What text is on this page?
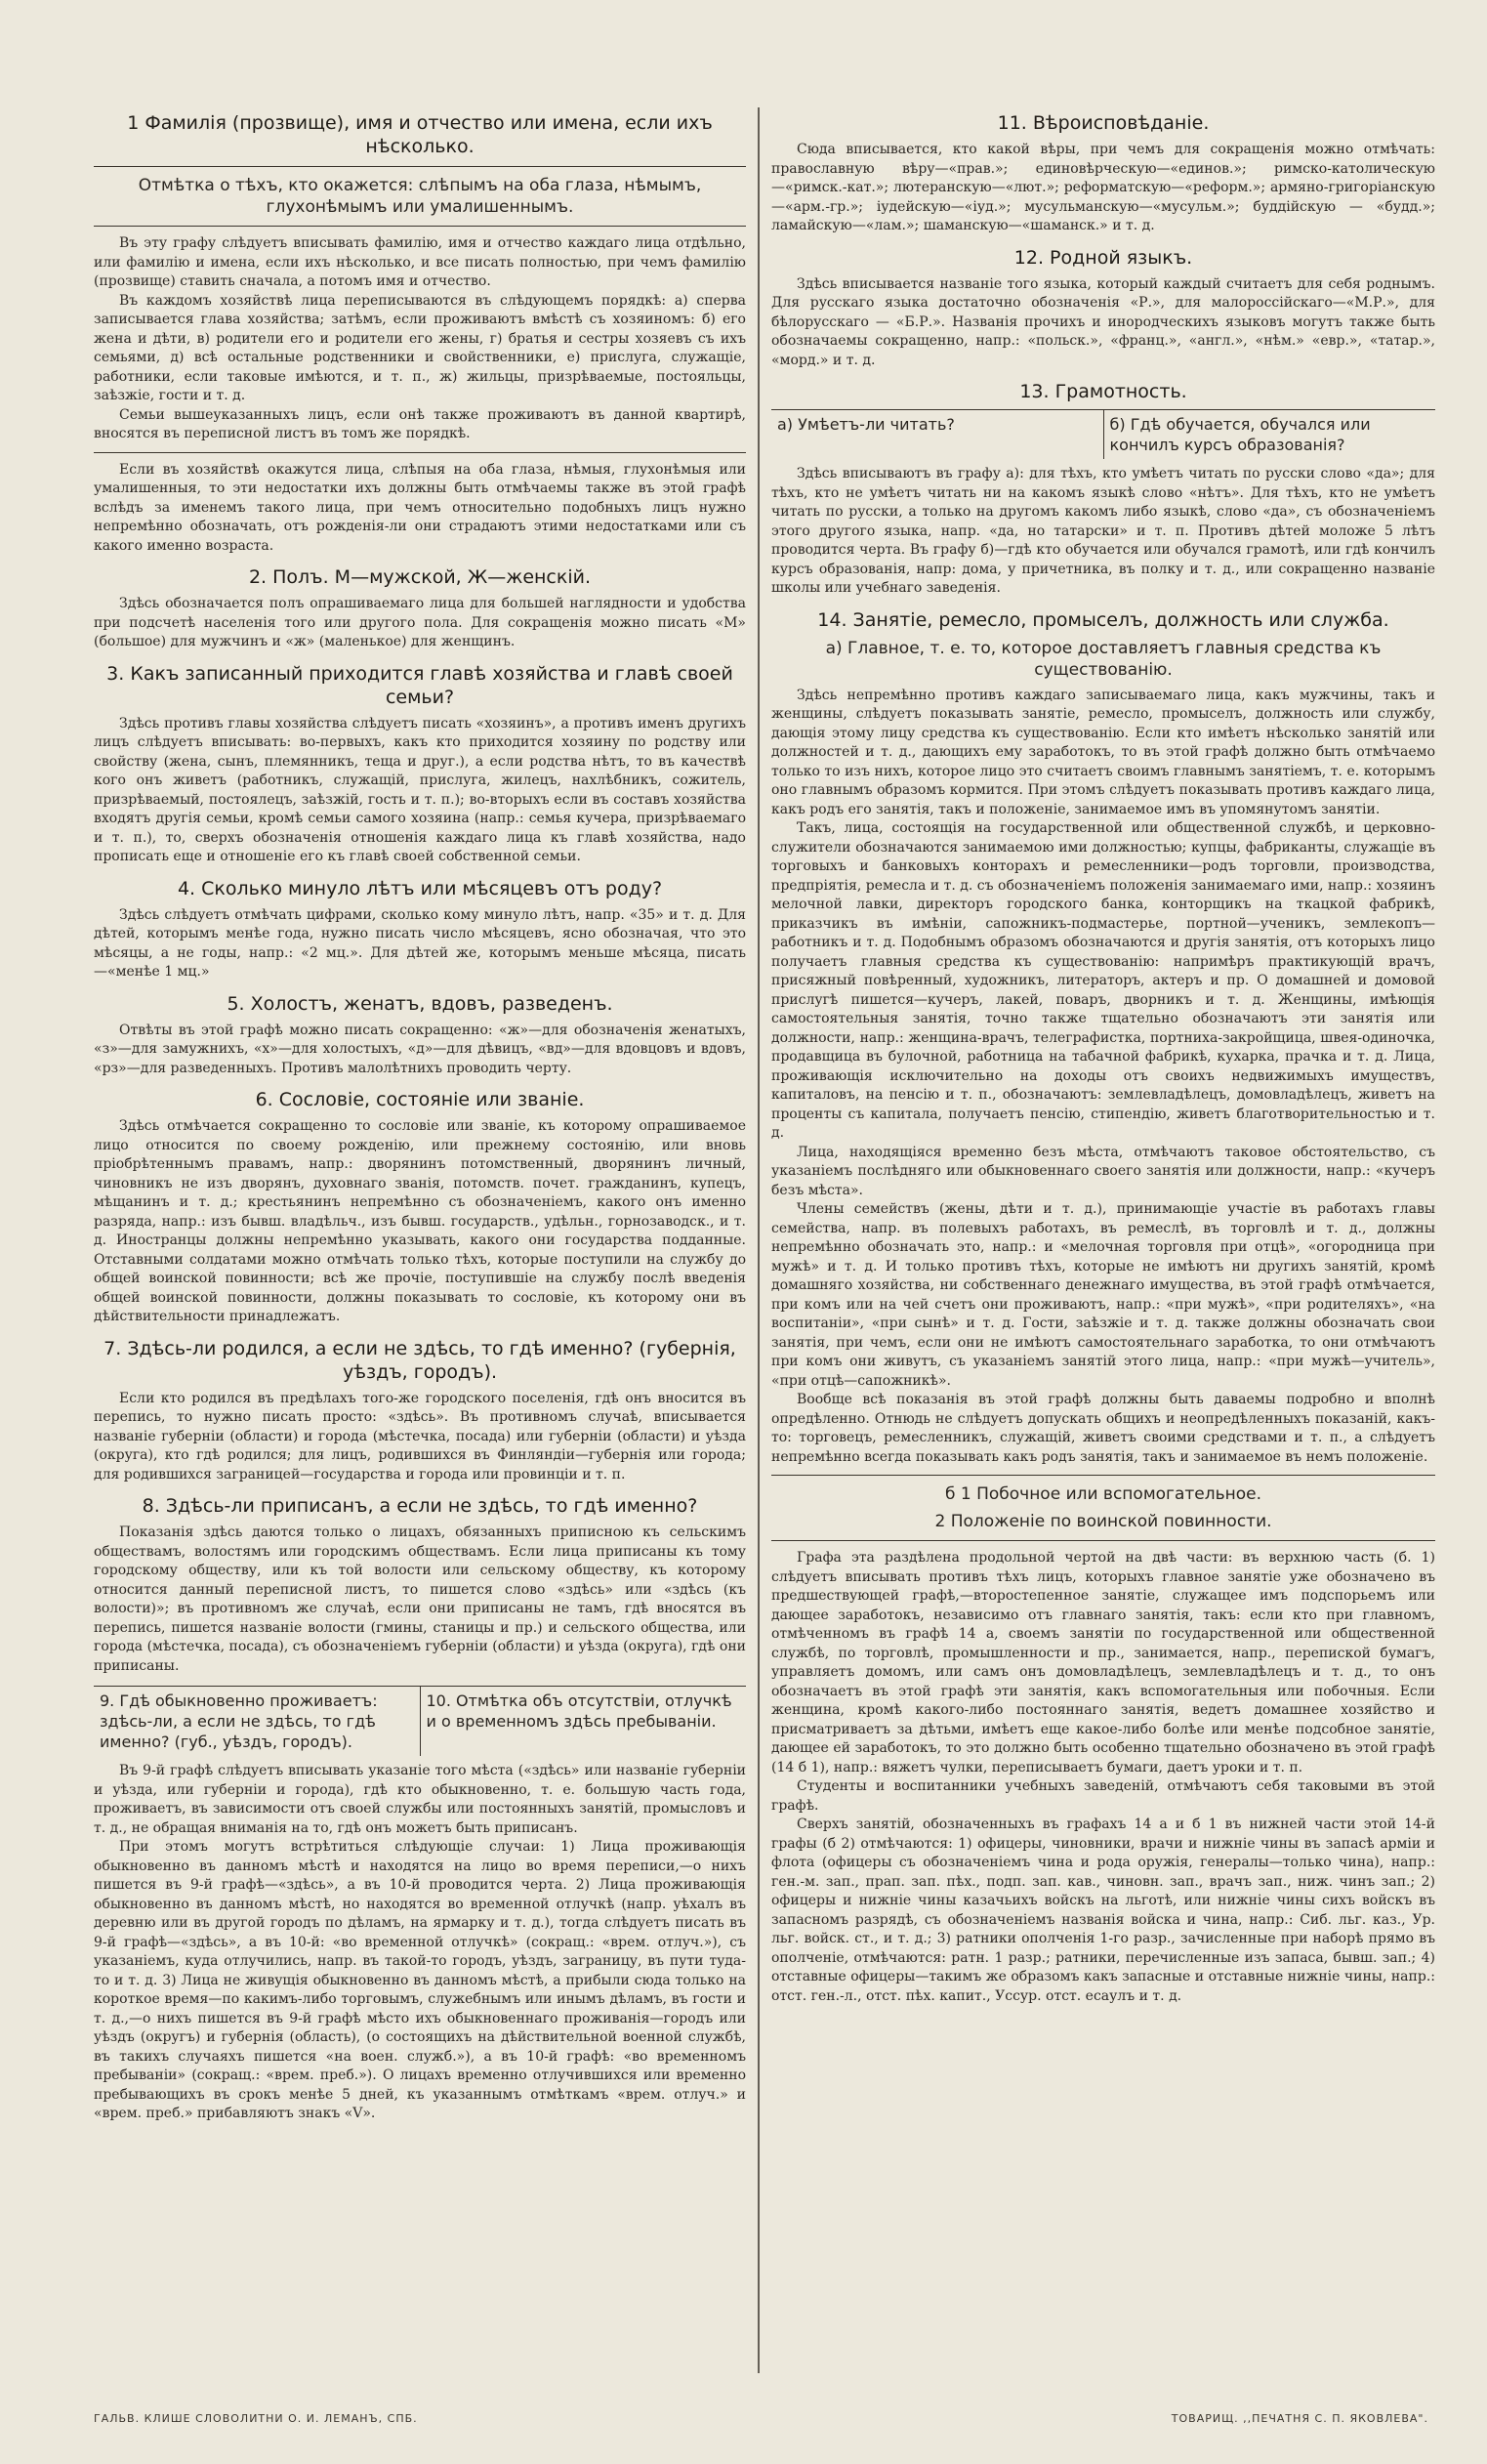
1 Фамилія (прозвище), имя и отчество или имена, если ихъ нѣсколько.
Отмѣтка о тѣхъ, кто окажется: слѣпымъ на оба глаза, нѣмымъ, глухонѣмымъ или умалишеннымъ.

Въ эту графу слѣдуетъ вписывать фамилію, имя и отчество каждаго лица отдѣльно, или фамилію и имена, если ихъ нѣсколько, и все писать полностью, при чемъ фамилію (прозвище) ставить сначала, а потомъ имя и отчество.

Въ каждомъ хозяйствѣ лица переписываются въ слѣдующемъ порядкѣ: а) сперва записывается глава хозяйства; затѣмъ, если проживаютъ вмѣстѣ съ хозяиномъ: б) его жена и дѣти, в) родители его и родители его жены, г) братья и сестры хозяевъ съ ихъ семьями, д) всѣ остальные родственники и свойственники, е) прислуга, служащіе, работники, если таковые имѣются, и т. п., ж) жильцы, призрѣваемые, постояльцы, заѣзжіе, гости и т. д.

Семьи вышеуказанныхъ лицъ, если онѣ также проживаютъ въ данной квартирѣ, вносятся въ переписной листъ въ томъ же порядкѣ.

Если въ хозяйствѣ окажутся лица, слѣпыя на оба глаза, нѣмыя, глухонѣмыя или умалишенныя, то эти недостатки ихъ должны быть отмѣчаемы также въ этой графѣ вслѣдъ за именемъ такого лица, при чемъ относительно подобныхъ лицъ нужно непремѣнно обозначать, отъ рожденія-ли они страдаютъ этими недостатками или съ какого именно возраста.

2. Полъ. М—мужской, Ж—женскій.

Здѣсь обозначается полъ опрашиваемаго лица для большей наглядности и удобства при подсчетѣ населенія того или другого пола. Для сокращенія можно писать «М» (большое) для мужчинъ и «ж» (маленькое) для женщинъ.

3. Какъ записанный приходится главѣ хозяйства и главѣ своей семьи?

Здѣсь противъ главы хозяйства слѣдуетъ писать «хозяинъ», а противъ именъ другихъ лицъ слѣдуетъ вписывать: во-первыхъ, какъ кто приходится хозяину по родству или свойству (жена, сынъ, племянникъ, теща и друг.), а если родства нѣтъ, то въ качествѣ кого онъ живетъ (работникъ, служащій, прислуга, жилецъ, нахлѣбникъ, сожитель, призрѣваемый, постоялецъ, заѣзжій, гость и т. п.); во-вторыхъ если въ составъ хозяйства входятъ другія семьи, кромѣ семьи самого хозяина (напр.: семья кучера, призрѣваемаго и т. п.), то, сверхъ обозначенія отношенія каждаго лица къ главѣ хозяйства, надо прописать еще и отношеніе его къ главѣ своей собственной семьи.

4. Сколько минуло лѣтъ или мѣсяцевъ отъ роду?

Здѣсь слѣдуетъ отмѣчать цифрами, сколько кому минуло лѣтъ, напр. «35» и т. д. Для дѣтей, которымъ менѣе года, нужно писать число мѣсяцевъ, ясно обозначая, что это мѣсяцы, а не годы, напр.: «2 мц.». Для дѣтей же, которымъ меньше мѣсяца, писать—«менѣе 1 мц.»

5. Холостъ, женатъ, вдовъ, разведенъ.

Отвѣты въ этой графѣ можно писать сокращенно: «ж»—для обозначенія женатыхъ, «з»—для замужнихъ, «х»—для холостыхъ, «д»—для дѣвицъ, «вд»—для вдовцовъ и вдовъ, «рз»—для разведенныхъ. Противъ малолѣтнихъ проводить черту.

6. Сословіе, состояніе или званіе.

Здѣсь отмѣчается сокращенно то сословіе или званіе, къ которому опрашиваемое лицо относится по своему рожденію, или прежнему состоянію, или вновь пріобрѣтеннымъ правамъ, напр.: дворянинъ потомственный, дворянинъ личный, чиновникъ не изъ дворянъ, духовнаго званія, потомств. почет. гражданинъ, купецъ, мѣщанинъ и т. д.; крестьянинъ непремѣнно съ обозначеніемъ, какого онъ именно разряда, напр.: изъ бывш. владѣльч., изъ бывш. государств., удѣльн., горнозаводск., и т. д. Иностранцы должны непремѣнно указывать, какого они государства подданные. Отставными солдатами можно отмѣчать только тѣхъ, которые поступили на службу до общей воинской повинности; всѣ же прочіе, поступившіе на службу послѣ введенія общей воинской повинности, должны показывать то сословіе, къ которому они въ дѣйствительности принадлежатъ.

7. Здѣсь-ли родился, а если не здѣсь, то гдѣ именно? (губернія, уѣздъ, городъ).

Если кто родился въ предѣлахъ того-же городского поселенія, гдѣ онъ вносится въ перепись, то нужно писать просто: «здѣсь». Въ противномъ случаѣ, вписывается названіе губерніи (области) и города (мѣстечка, посада) или губерніи (области) и уѣзда (округа), кто гдѣ родился; для лицъ, родившихся въ Финляндіи—губернія или города; для родившихся заграницей—государства и города или провинціи и т. п.

8. Здѣсь-ли приписанъ, а если не здѣсь, то гдѣ именно?

Показанія здѣсь даются только о лицахъ, обязанныхъ приписною къ сельскимъ обществамъ, волостямъ или городскимъ обществамъ. Если лица приписаны къ тому городскому обществу, или къ той волости или сельскому обществу, къ которому относится данный переписной листъ, то пишется слово «здѣсь» или «здѣсь (къ волости)»; въ противномъ же случаѣ, если они приписаны не тамъ, гдѣ вносятся въ перепись, пишется названіе волости (гмины, станицы и пр.) и сельского общества, или города (мѣстечка, посада), съ обозначеніемъ губерніи (области) и уѣзда (округа), гдѣ они приписаны.

9. Гдѣ обыкновенно проживаетъ: здѣсь-ли, а если не здѣсь, то гдѣ именно? (губ., уѣздъ, городъ).
10. Отмѣтка объ отсутствіи, отлучкѣ и о временномъ здѣсь пребываніи.

Въ 9-й графѣ слѣдуетъ вписывать указаніе того мѣста («здѣсь» или названіе губерніи и уѣзда, или губерніи и города), гдѣ кто обыкновенно, т. е. большую часть года, проживаетъ, въ зависимости отъ своей службы или постоянныхъ занятій, промысловъ и т. д., не обращая вниманія на то, гдѣ онъ можетъ быть приписанъ.

При этомъ могутъ встрѣтиться слѣдующіе случаи: 1) Лица проживающія обыкновенно въ данномъ мѣстѣ и находятся на лицо во время переписи,—о нихъ пишется въ 9-й графѣ—«здѣсь», а въ 10-й проводится черта. 2) Лица проживающія обыкновенно въ данномъ мѣстѣ, но находятся во временной отлучкѣ (напр. уѣхалъ въ деревню или въ другой городъ по дѣламъ, на ярмарку и т. д.), тогда слѣдуетъ писать въ 9-й графѣ—«здѣсь», а въ 10-й: «во временной отлучкѣ» (сокращ.: «врем. отлуч.»), съ указаніемъ, куда отлучились, напр. въ такой-то городъ, уѣздъ, заграницу, въ пути туда-то и т. д. 3) Лица не живущія обыкновенно въ данномъ мѣстѣ, а прибыли сюда только на короткое время—по какимъ-либо торговымъ, служебнымъ или инымъ дѣламъ, въ гости и т. д.,—о нихъ пишется въ 9-й графѣ мѣсто ихъ обыкновеннаго проживанія—городъ или уѣздъ (округъ) и губернія (область), (о состоящихъ на дѣйствительной военной службѣ, въ такихъ случаяхъ пишется «на воен. служб.»), а въ 10-й графѣ: «во временномъ пребываніи» (сокращ.: «врем. преб.»). О лицахъ временно отлучившихся или временно пребывающихъ въ срокъ менѣе 5 дней, къ указаннымъ отмѣткамъ «врем. отлуч.» и «врем. преб.» прибавляютъ знакъ «V».

11. Вѣроисповѣданіе.

Сюда вписывается, кто какой вѣры, при чемъ для сокращенія можно отмѣчать: православную вѣру—«прав.»; единовѣрческую—«единов.»; римско-католическую—«римск.-кат.»; лютеранскую—«лют.»; реформатскую—«реформ.»; армяно-григоріанскую—«арм.-гр.»; іудейскую—«іуд.»; мусульманскую—«мусульм.»; буддійскую — «будд.»; ламайскую—«лам.»; шаманскую—«шаманск.» и т. д.

12. Родной языкъ.

Здѣсь вписывается названіе того языка, который каждый считаетъ для себя роднымъ. Для русскаго языка достаточно обозначенія «Р.», для малороссійскаго—«М.Р.», для бѣлорусскаго — «Б.Р.». Названія прочихъ и инородческихъ языковъ могутъ также быть обозначаемы сокращенно, напр.: «польск.», «франц.», «англ.», «нѣм.» «евр.», «татар.», «морд.» и т. д.

13. Грамотность.
а) Умѣетъ-ли читать?	б) Гдѣ обучается, обучался или кончилъ курсъ образованія?

Здѣсь вписываютъ въ графу а): для тѣхъ, кто умѣетъ читать по русски слово «да»; для тѣхъ, кто не умѣетъ читать ни на какомъ языкѣ слово «нѣтъ». Для тѣхъ, кто не умѣетъ читать по русски, а только на другомъ какомъ либо языкѣ, слово «да», съ обозначеніемъ этого другого языка, напр. «да, но татарски» и т. п. Противъ дѣтей моложе 5 лѣтъ проводится черта. Въ графу б)—гдѣ кто обучается или обучался грамотѣ, или гдѣ кончилъ курсъ образованія, напр: дома, у причетника, въ полку и т. д., или сокращенно названіе школы или учебнаго заведенія.

14. Занятіе, ремесло, промыселъ, должность или служба.
а) Главное, т. е. то, которое доставляетъ главныя средства къ существованію.

Здѣсь непремѣнно противъ каждаго записываемаго лица, какъ мужчины, такъ и женщины, слѣдуетъ показывать занятіе, ремесло, промыселъ, должность или службу, дающія этому лицу средства къ существованію. Если кто имѣетъ нѣсколько занятій или должностей и т. д., дающихъ ему заработокъ, то въ этой графѣ должно быть отмѣчаемо только то изъ нихъ, которое лицо это считаетъ своимъ главнымъ занятіемъ, т. е. которымъ оно главнымъ образомъ кормится. При этомъ слѣдуетъ показывать противъ каждаго лица, какъ родъ его занятія, такъ и положеніе, занимаемое имъ въ упомянутомъ занятіи.

Такъ, лица, состоящія на государственной или общественной службѣ, и церковно-служители обозначаются занимаемою ими должностью; купцы, фабриканты, служащіе въ торговыхъ и банковыхъ конторахъ и ремесленники—родъ торговли, производства, предпріятія, ремесла и т. д. съ обозначеніемъ положенія занимаемаго ими, напр.: хозяинъ мелочной лавки, директоръ городского банка, конторщикъ на ткацкой фабрикѣ, приказчикъ въ имѣніи, сапожникъ-подмастерье, портной—ученикъ, землекопъ—работникъ и т. д. Подобнымъ образомъ обозначаются и другія занятія, отъ которыхъ лицо получаетъ главныя средства къ существованію: напримѣръ практикующій врачъ, присяжный повѣренный, художникъ, литераторъ, актеръ и пр. О домашней и домовой прислугѣ пишется—кучеръ, лакей, поваръ, дворникъ и т. д. Женщины, имѣющія самостоятельныя занятія, точно также тщательно обозначаютъ эти занятія или должности, напр.: женщина-врачъ, телеграфистка, портниха-закройщица, швея-одиночка, продавщица въ булочной, работница на табачной фабрикѣ, кухарка, прачка и т. д. Лица, проживающія исключительно на доходы отъ своихъ недвижимыхъ имуществъ, капиталовъ, на пенсію и т. п., обозначаютъ: землевладѣлецъ, домовладѣлецъ, живетъ на проценты съ капитала, получаетъ пенсію, стипендію, живетъ благотворительностью и т. д.

Лица, находящіяся временно безъ мѣста, отмѣчаютъ таковое обстоятельство, съ указаніемъ послѣдняго или обыкновеннаго своего занятія или должности, напр.: «кучеръ безъ мѣста».

Члены семействъ (жены, дѣти и т. д.), принимающіе участіе въ работахъ главы семейства, напр. въ полевыхъ работахъ, въ ремеслѣ, въ торговлѣ и т. д., должны непремѣнно обозначать это, напр.: и «мелочная торговля при отцѣ», «огородница при мужѣ» и т. д. И только противъ тѣхъ, которые не имѣютъ ни другихъ занятій, кромѣ домашняго хозяйства, ни собственнаго денежнаго имущества, въ этой графѣ отмѣчается, при комъ или на чей счетъ они проживаютъ, напр.: «при мужѣ», «при родителяхъ», «на воспитаніи», «при сынѣ» и т. д. Гости, заѣзжіе и т. д. также должны обозначать свои занятія, при чемъ, если они не имѣютъ самостоятельнаго заработка, то они отмѣчаютъ при комъ они живутъ, съ указаніемъ занятій этого лица, напр.: «при мужѣ—учитель», «при отцѣ—сапожникѣ».

Вообще всѣ показанія въ этой графѣ должны быть даваемы подробно и вполнѣ опредѣленно. Отнюдь не слѣдуетъ допускать общихъ и неопредѣленныхъ показаній, какъ-то: торговецъ, ремесленникъ, служащій, живетъ своими средствами и т. п., а слѣдуетъ непремѣнно всегда показывать какъ родъ занятія, такъ и занимаемое въ немъ положеніе.

б 1 Побочное или вспомогательное.
2 Положеніе по воинской повинности.

Графа эта раздѣлена продольной чертой на двѣ части: въ верхнюю часть (б. 1) слѣдуетъ вписывать противъ тѣхъ лицъ, которыхъ главное занятіе уже обозначено въ предшествующей графѣ,—второстепенное занятіе, служащее имъ подспорьемъ или дающее заработокъ, независимо отъ главнаго занятія, такъ: если кто при главномъ, отмѣченномъ въ графѣ 14 а, своемъ занятіи по государственной или общественной службѣ, по торговлѣ, промышленности и пр., занимается, напр., перепиской бумагъ, управляетъ домомъ, или самъ онъ домовладѣлецъ, землевладѣлецъ и т. д., то онъ обозначаетъ въ этой графѣ эти занятія, какъ вспомогательныя или побочныя. Если женщина, кромѣ какого-либо постояннаго занятія, ведетъ домашнее хозяйство и присматриваетъ за дѣтьми, имѣетъ еще какое-либо болѣе или менѣе подсобное занятіе, дающее ей заработокъ, то это должно быть особенно тщательно обозначено въ этой графѣ (14 б 1), напр.: вяжетъ чулки, переписываетъ бумаги, даетъ уроки и т. п.

Студенты и воспитанники учебныхъ заведеній, отмѣчаютъ себя таковыми въ этой графѣ.

Сверхъ занятій, обозначенныхъ въ графахъ 14 а и б 1 въ нижней части этой 14-й графы (б 2) отмѣчаются: 1) офицеры, чиновники, врачи и нижніе чины въ запасѣ арміи и флота (офицеры съ обозначеніемъ чина и рода оружія, генералы—только чина), напр.: ген.-м. зап., прап. зап. пѣх., подп. зап. кав., чиновн. зап., врачъ зап., ниж. чинъ зап.; 2) офицеры и нижніе чины казачьихъ войскъ на льготѣ, или нижніе чины сихъ войскъ въ запасномъ разрядѣ, съ обозначеніемъ названія войска и чина, напр.: Сиб. льг. каз., Ур. льг. войск. ст., и т. д.; 3) ратники ополченія 1-го разр., зачисленные при наборѣ прямо въ ополченіе, отмѣчаются: ратн. 1 разр.; ратники, перечисленные изъ запаса, бывш. зап.; 4) отставные офицеры—такимъ же образомъ какъ запасные и отставные нижніе чины, напр.: отст. ген.-л., отст. пѣх. капит., Уссур. отст. есаулъ и т. д.

ГАЛЬВ. КЛИШЕ СЛОВОЛИТНИ О. И. ЛЕМАНЪ, СПБ.	ТОВАРИЩ. ,,ПЕЧАТНЯ С. П. ЯКОВЛЕВА".
